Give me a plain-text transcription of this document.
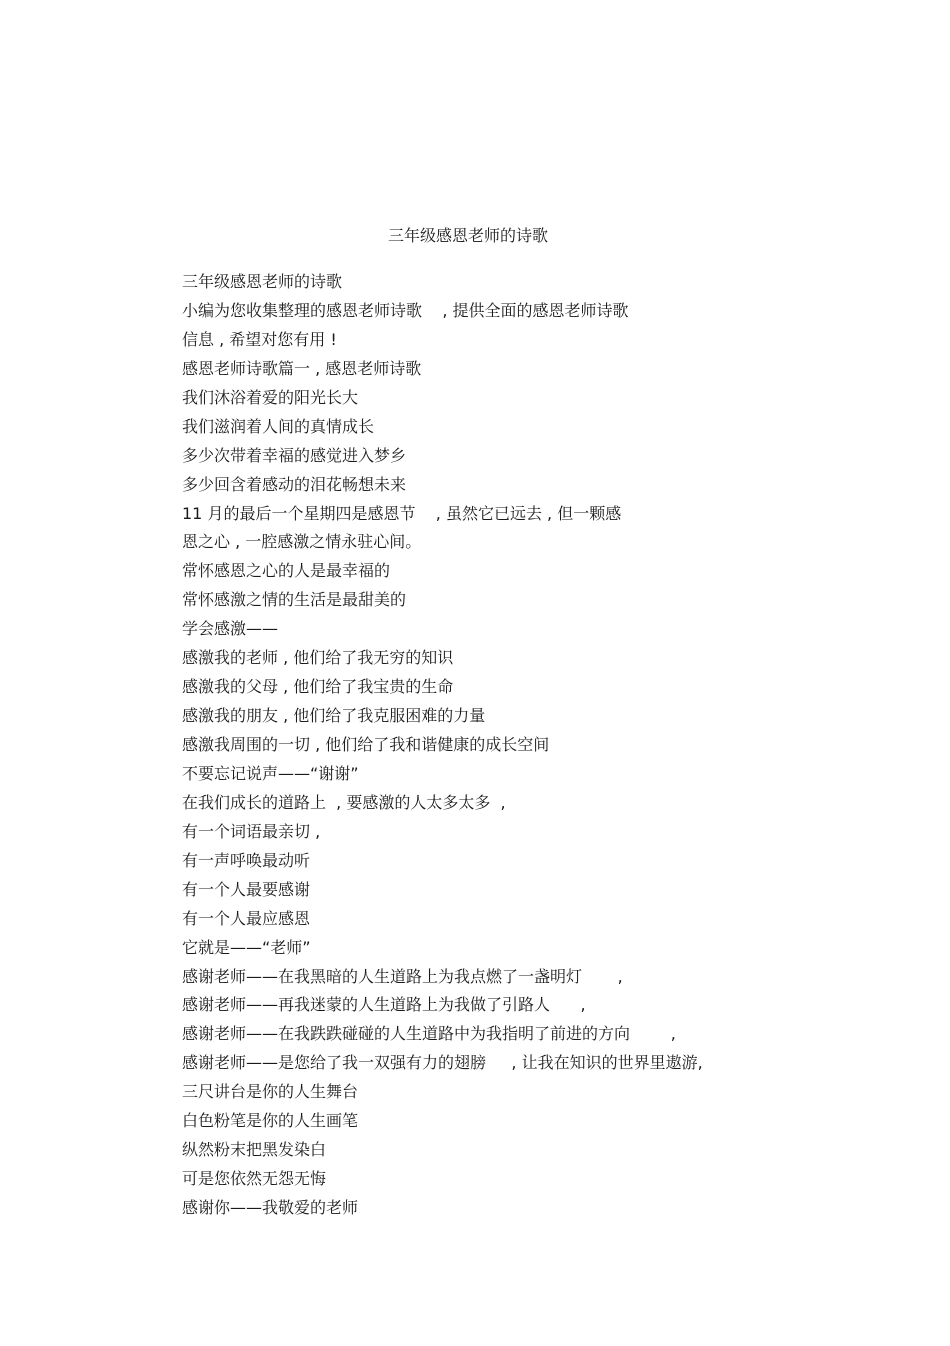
三年级感恩老师的诗歌
三年级感恩老师的诗歌
小编为您收集整理的感恩老师诗歌    , 提供全面的感恩老师诗歌
信息 , 希望对您有用 !
感恩老师诗歌篇一 , 感恩老师诗歌
我们沐浴着爱的阳光长大
我们滋润着人间的真情成长
多少次带着幸福的感觉进入梦乡
多少回含着感动的泪花畅想未来
11 月的最后一个星期四是感恩节    , 虽然它已远去 , 但一颗感
恩之心 , 一腔感激之情永驻心间。
常怀感恩之心的人是最幸福的
常怀感激之情的生活是最甜美的
学会感激——
感激我的老师 , 他们给了我无穷的知识
感激我的父母 , 他们给了我宝贵的生命
感激我的朋友 , 他们给了我克服困难的力量
感激我周围的一切 , 他们给了我和谐健康的成长空间
不要忘记说声——“谢谢”
在我们成长的道路上  , 要感激的人太多太多  ,
有一个词语最亲切 ,
有一声呼唤最动听
有一个人最要感谢
有一个人最应感恩
它就是——“老师”
感谢老师——在我黑暗的人生道路上为我点燃了一盏明灯       ,
感谢老师——再我迷蒙的人生道路上为我做了引路人      ,
感谢老师——在我跌跌碰碰的人生道路中为我指明了前进的方向        ,
感谢老师——是您给了我一双强有力的翅膀     , 让我在知识的世界里遨游,
三尺讲台是你的人生舞台
白色粉笔是你的人生画笔
纵然粉末把黑发染白
可是您依然无怨无悔
感谢你——我敬爱的老师
